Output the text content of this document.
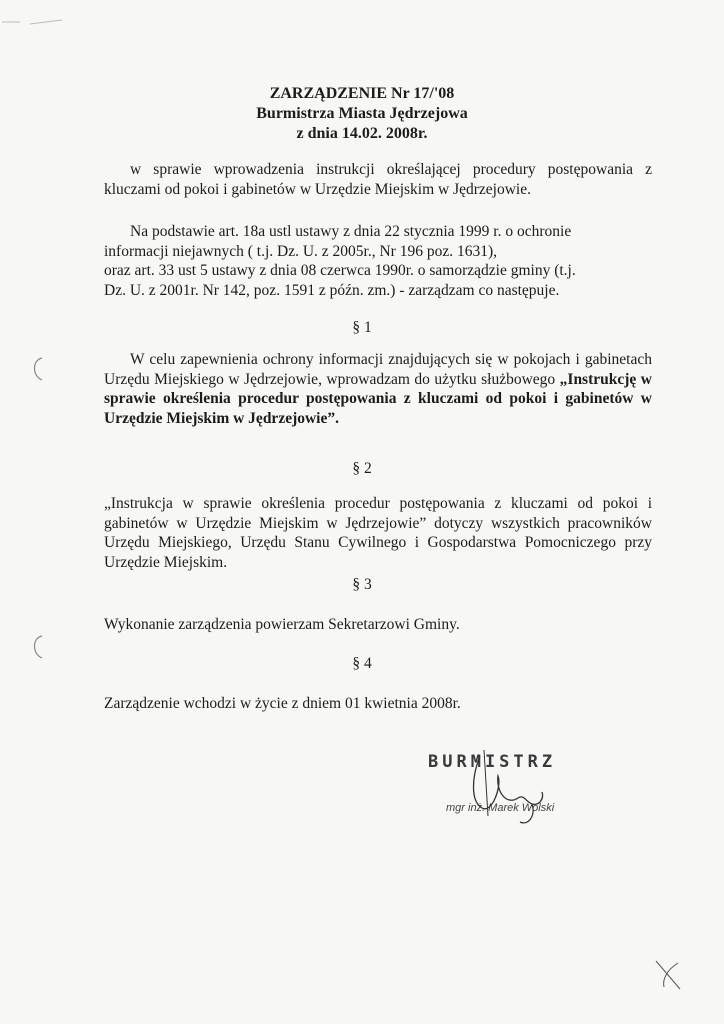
ZARZĄDZENIE Nr 17/'08
Burmistrza Miasta Jędrzejowa
z dnia 14.02. 2008r.
w sprawie wprowadzenia instrukcji określającej procedury postępowania z kluczami od pokoi i gabinetów w Urzędzie Miejskim w Jędrzejowie.
Na podstawie art. 18a ustl ustawy z dnia 22 stycznia 1999 r. o ochronie
informacji niejawnych ( t.j. Dz. U. z 2005r., Nr 196 poz. 1631),
oraz art. 33 ust 5 ustawy z dnia 08 czerwca 1990r. o samorządzie gminy (t.j.
Dz. U. z 2001r. Nr 142, poz. 1591 z późn. zm.) - zarządzam co następuje.
§ 1
W celu zapewnienia ochrony informacji znajdujących się w pokojach i gabinetach Urzędu Miejskiego w Jędrzejowie, wprowadzam do użytku służbowego „Instrukcję w sprawie określenia procedur postępowania z kluczami od pokoi i gabinetów w Urzędzie Miejskim w Jędrzejowie”.
§ 2
„Instrukcja w sprawie określenia procedur postępowania z kluczami od pokoi i gabinetów w Urzędzie Miejskim w Jędrzejowie” dotyczy wszystkich pracowników Urzędu Miejskiego, Urzędu Stanu Cywilnego i Gospodarstwa Pomocniczego przy Urzędzie Miejskim.
§ 3
Wykonanie zarządzenia powierzam Sekretarzowi Gminy.
§ 4
Zarządzenie wchodzi w życie z dniem 01 kwietnia 2008r.
BURMISTRZ
mgr inż. Marek Wolski
